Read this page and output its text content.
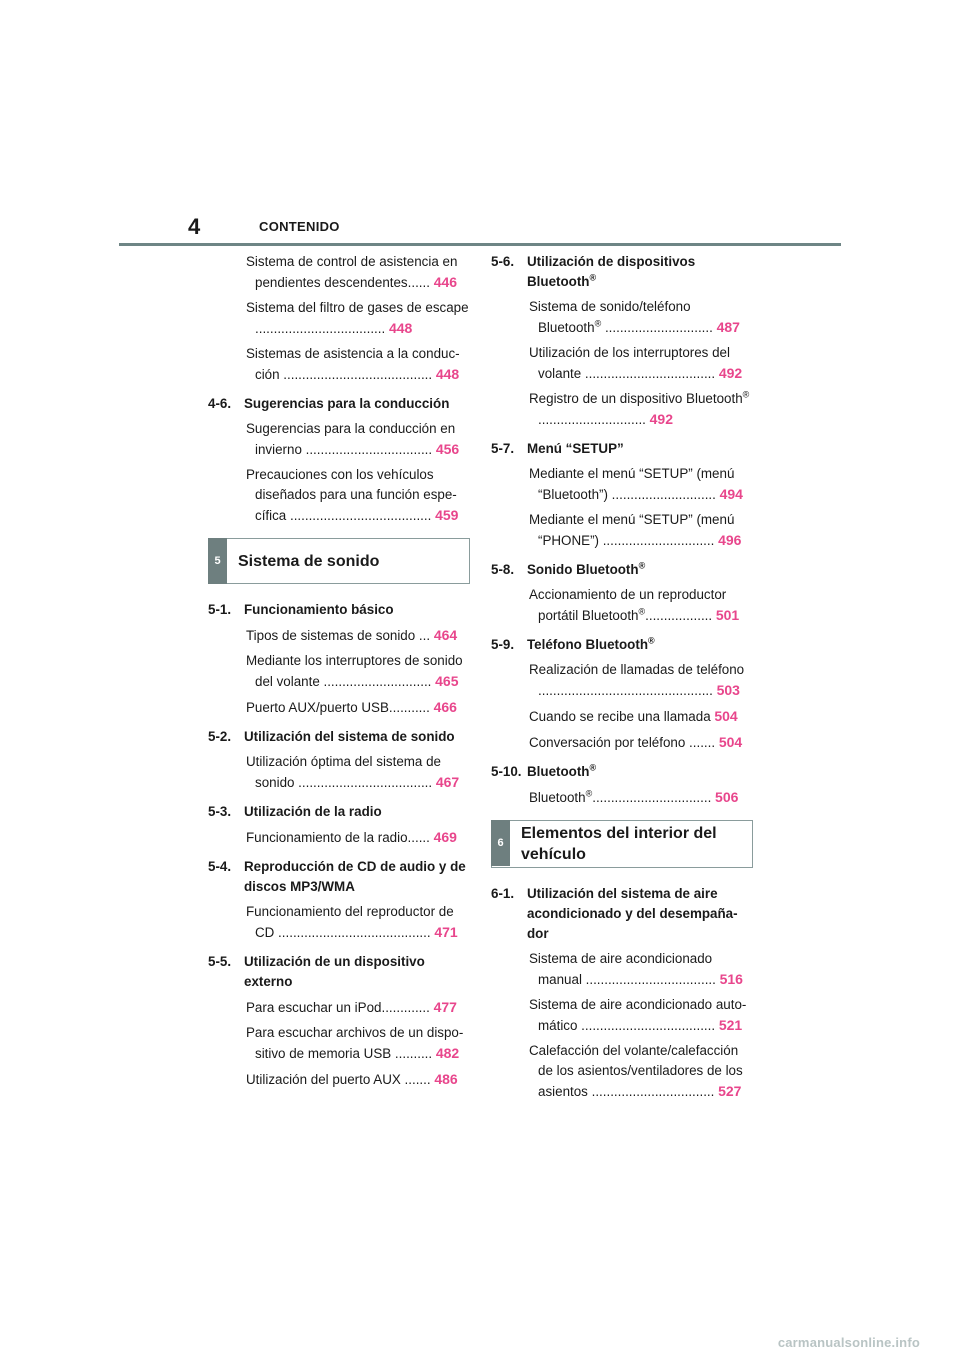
4	CONTENIDO
Sistema de control de asistencia en pendientes descendentes...... 446
Sistema del filtro de gases de escape ................................... 448
Sistemas de asistencia a la conduc-ción ........................................ 448
4-6. Sugerencias para la conducción
Sugerencias para la conducción en invierno .................................. 456
Precauciones con los vehículos diseñados para una función espe-cífica ...................................... 459
5	Sistema de sonido
5-1. Funcionamiento básico
Tipos de sistemas de sonido ... 464
Mediante los interruptores de sonido del volante ............................. 465
Puerto AUX/puerto USB........... 466
5-2. Utilización del sistema de sonido
Utilización óptima del sistema de sonido .................................... 467
5-3. Utilización de la radio
Funcionamiento de la radio...... 469
5-4. Reproducción de CD de audio y de discos MP3/WMA
Funcionamiento del reproductor de CD ......................................... 471
5-5. Utilización de un dispositivo externo
Para escuchar un iPod............. 477
Para escuchar archivos de un dispo-sitivo de memoria USB .......... 482
Utilización del puerto AUX ....... 486
5-6. Utilización de dispositivos Bluetooth®
Sistema de sonido/teléfono Bluetooth® ............................. 487
Utilización de los interruptores del volante ................................... 492
Registro de un dispositivo Bluetooth® ............................. 492
5-7. Menú “SETUP”
Mediante el menú “SETUP” (menú “Bluetooth”) ............................ 494
Mediante el menú “SETUP” (menú “PHONE”) .............................. 496
5-8. Sonido Bluetooth®
Accionamiento de un reproductor portátil Bluetooth®.................. 501
5-9. Teléfono Bluetooth®
Realización de llamadas de teléfono ............................................... 503
Cuando se recibe una llamada 504
Conversación por teléfono ....... 504
5-10. Bluetooth®
Bluetooth®................................ 506
6
Elementos del interior del vehículo
6-1. Utilización del sistema de aire acondicionado y del desempaña-dor
Sistema de aire acondicionado manual ................................... 516
Sistema de aire acondicionado auto-mático .................................... 521
Calefacción del volante/calefacción de los asientos/ventiladores de los asientos ................................. 527
carmanualsonline.info
